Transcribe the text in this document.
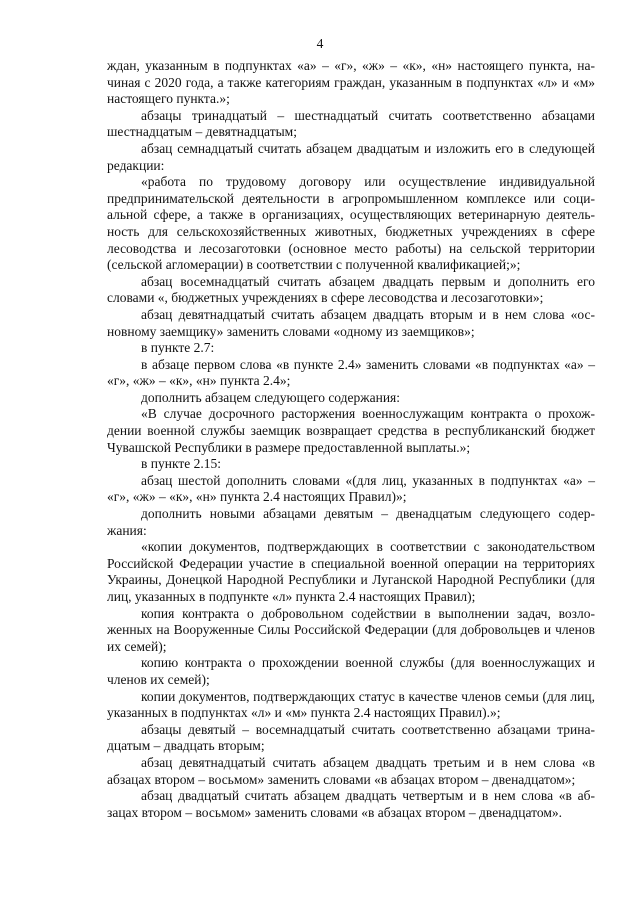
4

ждан, указанным в подпунктах «а» – «г», «ж» – «к», «н» настоящего пункта, начиная с 2020 года, а также категориям граждан, указанным в подпунктах «л» и «м» настоящего пункта.»;

абзацы тринадцатый – шестнадцатый считать соответственно абзацами шестнадцатым – девятнадцатым;

абзац семнадцатый считать абзацем двадцатым и изложить его в следующей редакции:

«работа по трудовому договору или осуществление индивидуальной предпринимательской деятельности в агропромышленном комплексе или социальной сфере, а также в организациях, осуществляющих ветеринарную деятельность для сельскохозяйственных животных, бюджетных учреждениях в сфере лесоводства и лесозаготовки (основное место работы) на сельской территории (сельской агломерации) в соответствии с полученной квалификацией;»;

абзац восемнадцатый считать абзацем двадцать первым и дополнить его словами «, бюджетных учреждениях в сфере лесоводства и лесозаготовки»;

абзац девятнадцатый считать абзацем двадцать вторым и в нем слова «основному заемщику» заменить словами «одному из заемщиков»;

в пункте 2.7:

в абзаце первом слова «в пункте 2.4» заменить словами «в подпунктах «а» – «г», «ж» – «к», «н» пункта 2.4»;

дополнить абзацем следующего содержания:

«В случае досрочного расторжения военнослужащим контракта о прохождении военной службы заемщик возвращает средства в республиканский бюджет Чувашской Республики в размере предоставленной выплаты.»;

в пункте 2.15:

абзац шестой дополнить словами «(для лиц, указанных в подпунктах «а» – «г», «ж» – «к», «н» пункта 2.4 настоящих Правил)»;

дополнить новыми абзацами девятым – двенадцатым следующего содержания:

«копии документов, подтверждающих в соответствии с законодательством Российской Федерации участие в специальной военной операции на территориях Украины, Донецкой Народной Республики и Луганской Народной Республики (для лиц, указанных в подпункте «л» пункта 2.4 настоящих Правил);

копия контракта о добровольном содействии в выполнении задач, возложенных на Вооруженные Силы Российской Федерации (для добровольцев и членов их семей);

копию контракта о прохождении военной службы (для военнослужащих и членов их семей);

копии документов, подтверждающих статус в качестве членов семьи (для лиц, указанных в подпунктах «л» и «м» пункта 2.4 настоящих Правил).»;

абзацы девятый – восемнадцатый считать соответственно абзацами тринадцатым – двадцать вторым;

абзац девятнадцатый считать абзацем двадцать третьим и в нем слова «в абзацах втором – восьмом» заменить словами «в абзацах втором – двенадцатом»;

абзац двадцатый считать абзацем двадцать четвертым и в нем слова «в абзацах втором – восьмом» заменить словами «в абзацах втором – двенадцатом».
